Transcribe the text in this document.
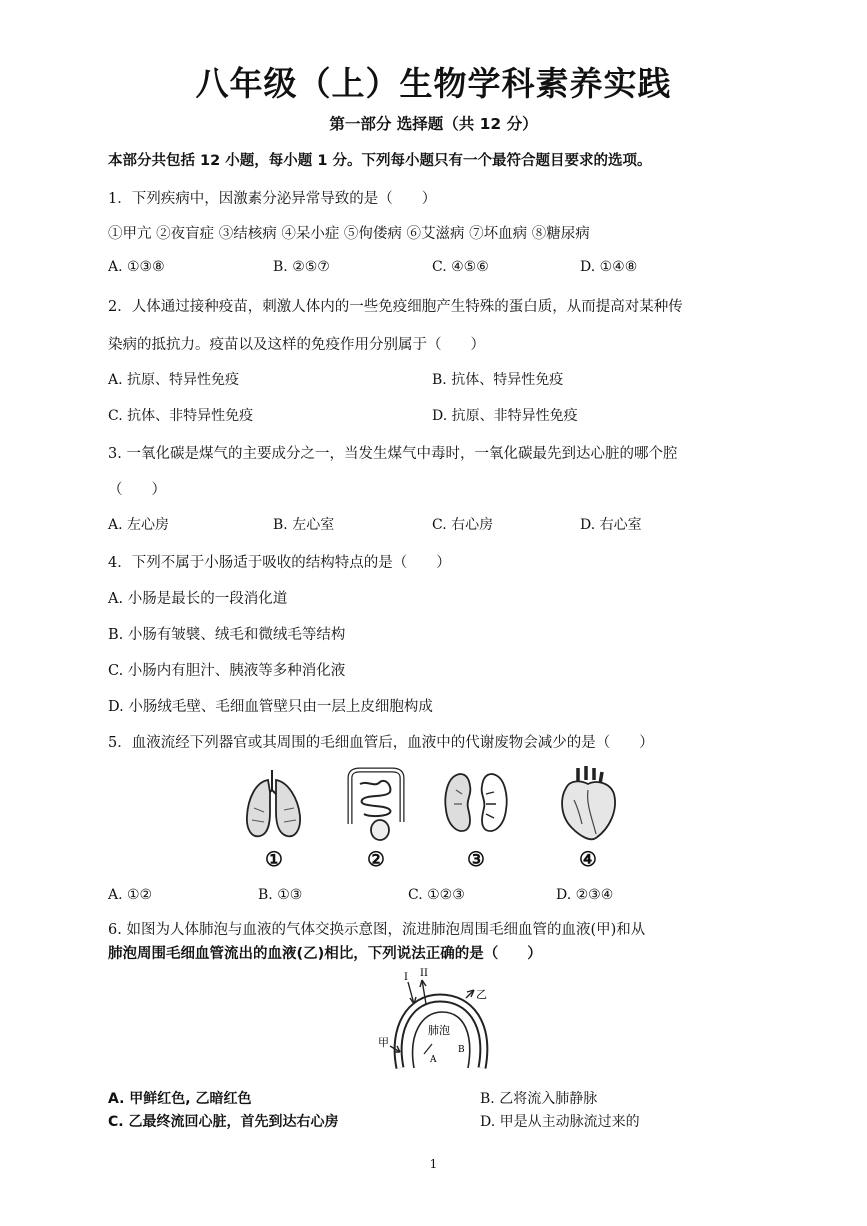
八年级（上）生物学科素养实践
第一部分 选择题（共 12 分）
本部分共包括 12 小题，每小题 1 分。下列每小题只有一个最符合题目要求的选项。
1．下列疾病中，因激素分泌异常导致的是（　　）
①甲亢 ②夜盲症 ③结核病 ④呆小症 ⑤佝偻病 ⑥艾滋病 ⑦坏血病 ⑧糖尿病
A. ①③⑧	B. ②⑤⑦	C. ④⑤⑥	D. ①④⑧
2．人体通过接种疫苗，刺激人体内的一些免疫细胞产生特殊的蛋白质，从而提高对某种传
染病的抵抗力。疫苗以及这样的免疫作用分别属于（　　）
A. 抗原、特异性免疫	B. 抗体、特异性免疫
C. 抗体、非特异性免疫	D. 抗原、非特异性免疫
3. 一氧化碳是煤气的主要成分之一，当发生煤气中毒时，一氧化碳最先到达心脏的哪个腔
（　　）
A. 左心房	B. 左心室	C. 右心房	D. 右心室
4．下列不属于小肠适于吸收的结构特点的是（　　）
A. 小肠是最长的一段消化道
B. 小肠有皱襞、绒毛和微绒毛等结构
C. 小肠内有胆汁、胰液等多种消化液
D. 小肠绒毛壁、毛细血管壁只由一层上皮细胞构成
5．血液流经下列器官或其周围的毛细血管后，血液中的代谢废物会减少的是（　　）
①	②	③	④
A. ①②	B. ①③	C. ①②③	D. ②③④
6. 如图为人体肺泡与血液的气体交换示意图，流进肺泡周围毛细血管的血液(甲)和从
肺泡周围毛细血管流出的血液(乙)相比，下列说法正确的是（　　）
I II
乙
甲
肺泡
A
B
A. 甲鲜红色, 乙暗红色	B. 乙将流入肺静脉
C. 乙最终流回心脏，首先到达右心房	D. 甲是从主动脉流过来的
1
